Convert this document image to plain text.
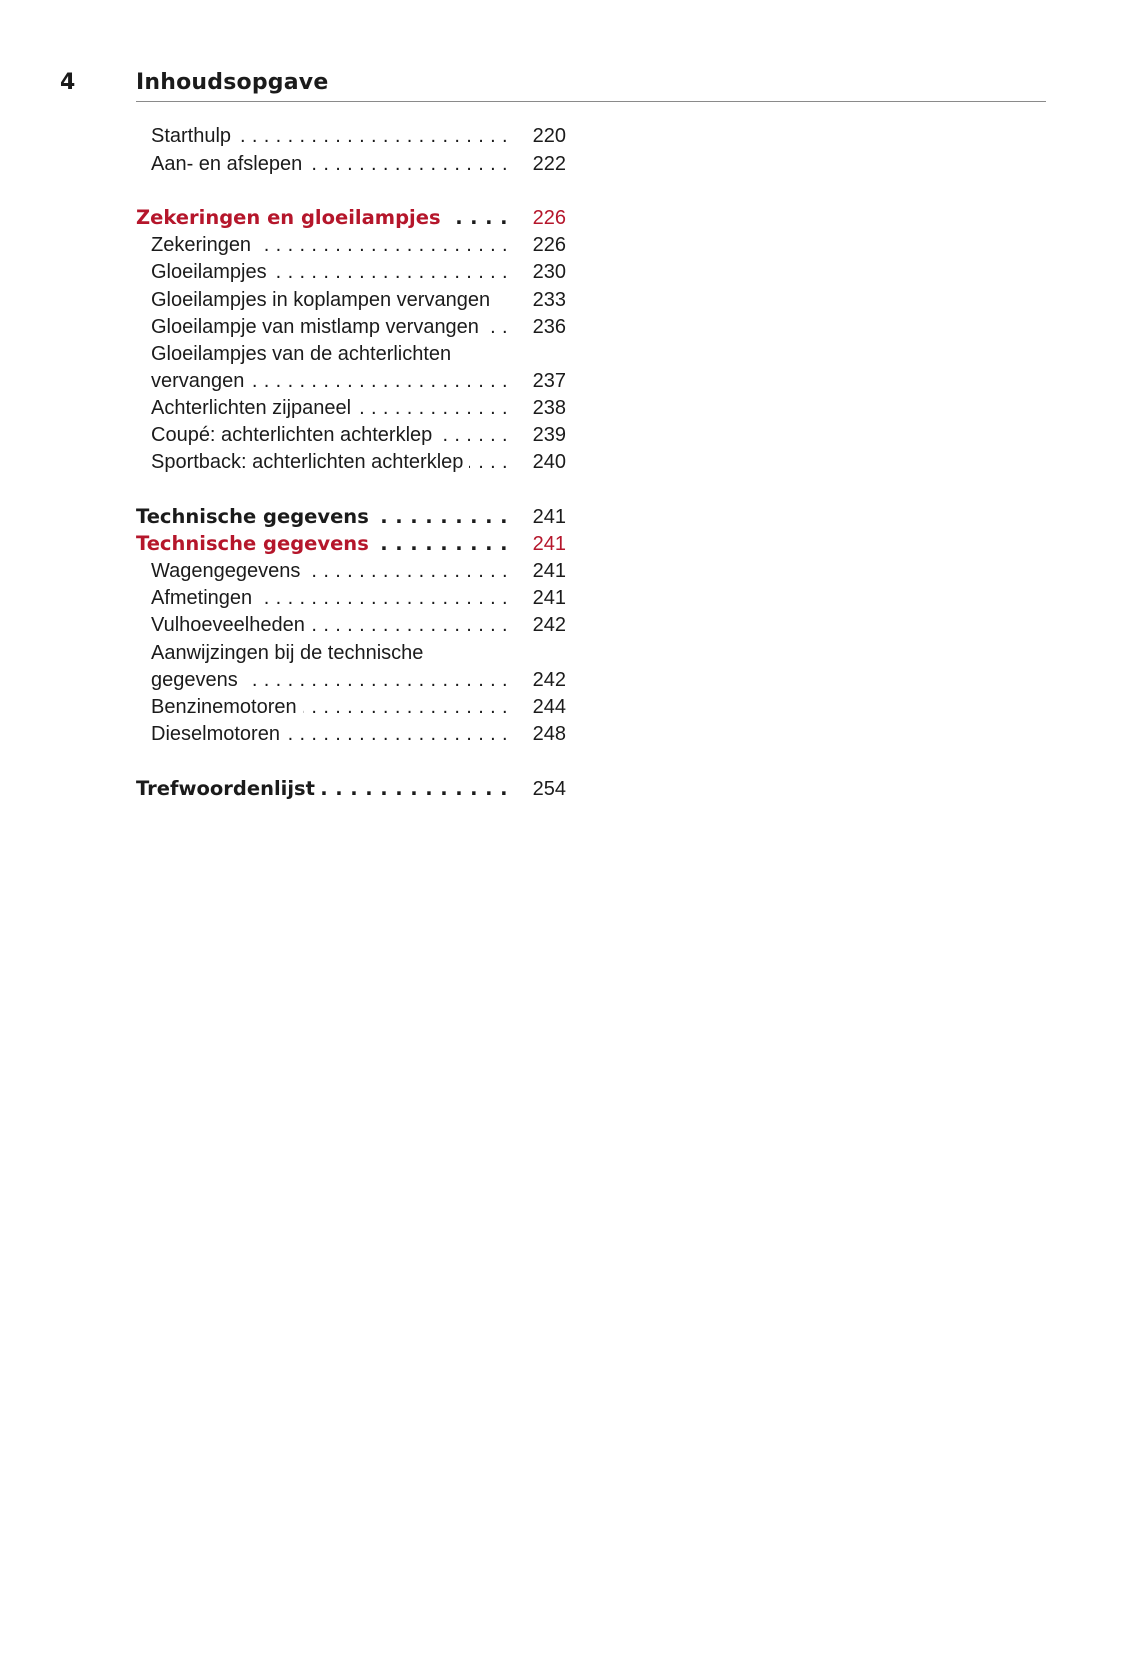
4	Inhoudsopgave
Starthulp . . .	220
Aan- en afslepen . . .	222
Zekeringen en gloeilampjes . . .	226
Zekeringen . . .	226
Gloeilampjes . . .	230
Gloeilampjes in koplampen vervangen	233
Gloeilampje van mistlamp vervangen . . .	236
Gloeilampjes van de achterlichten
vervangen . . .	237
Achterlichten zijpaneel . . .	238
Coupé: achterlichten achterklep . . .	239
Sportback: achterlichten achterklep . . .	240
Technische gegevens . . .	241
Technische gegevens . . .	241
Wagengegevens . . .	241
Afmetingen . . .	241
Vulhoeveelheden . . .	242
Aanwijzingen bij de technische
gegevens . . .	242
Benzinemotoren . . .	244
Dieselmotoren . . .	248
Trefwoordenlijst . . .	254
